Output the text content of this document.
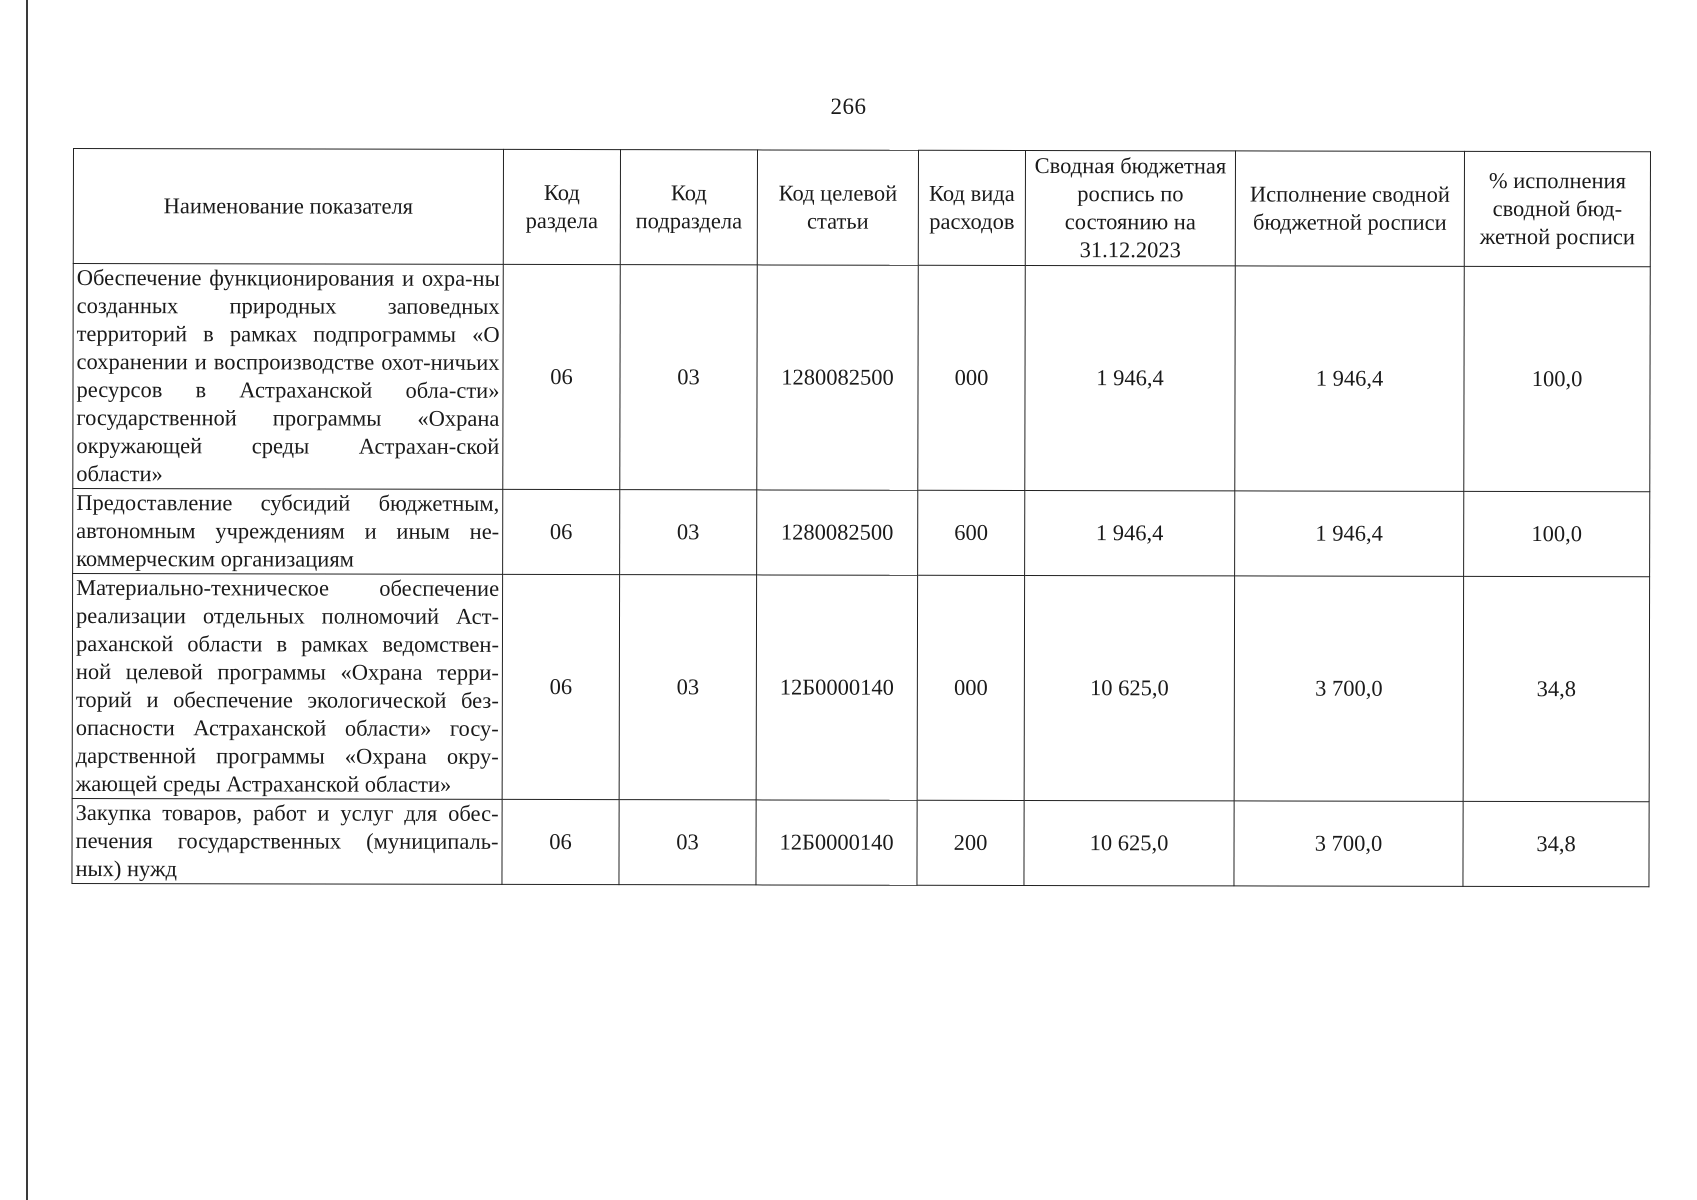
266
Наименование показателя	Код раздела	Код подраздела	Код целевой статьи	Код вида расходов	Сводная бюджетная роспись по состоянию на 31.12.2023	Исполнение сводной бюджетной росписи	% исполнения сводной бюд-жетной росписи
Обеспечение функционирования и охра-ны созданных природных заповедных территорий в рамках подпрограммы «О сохранении и воспроизводстве охот-ничьих ресурсов в Астраханской обла-сти» государственной программы «Охрана окружающей среды Астрахан-ской области»	06	03	1280082500	000	1 946,4	1 946,4	100,0
Предоставление субсидий бюджетным, автономным учреждениям и иным не-коммерческим организациям	06	03	1280082500	600	1 946,4	1 946,4	100,0
Материально-техническое обеспечение реализации отдельных полномочий Аст-раханской области в рамках ведомствен-ной целевой программы «Охрана терри-торий и обеспечение экологической без-опасности Астраханской области» госу-дарственной программы «Охрана окру-жающей среды Астраханской области»	06	03	12Б0000140	000	10 625,0	3 700,0	34,8
Закупка товаров, работ и услуг для обес-печения государственных (муниципаль-ных) нужд	06	03	12Б0000140	200	10 625,0	3 700,0	34,8
